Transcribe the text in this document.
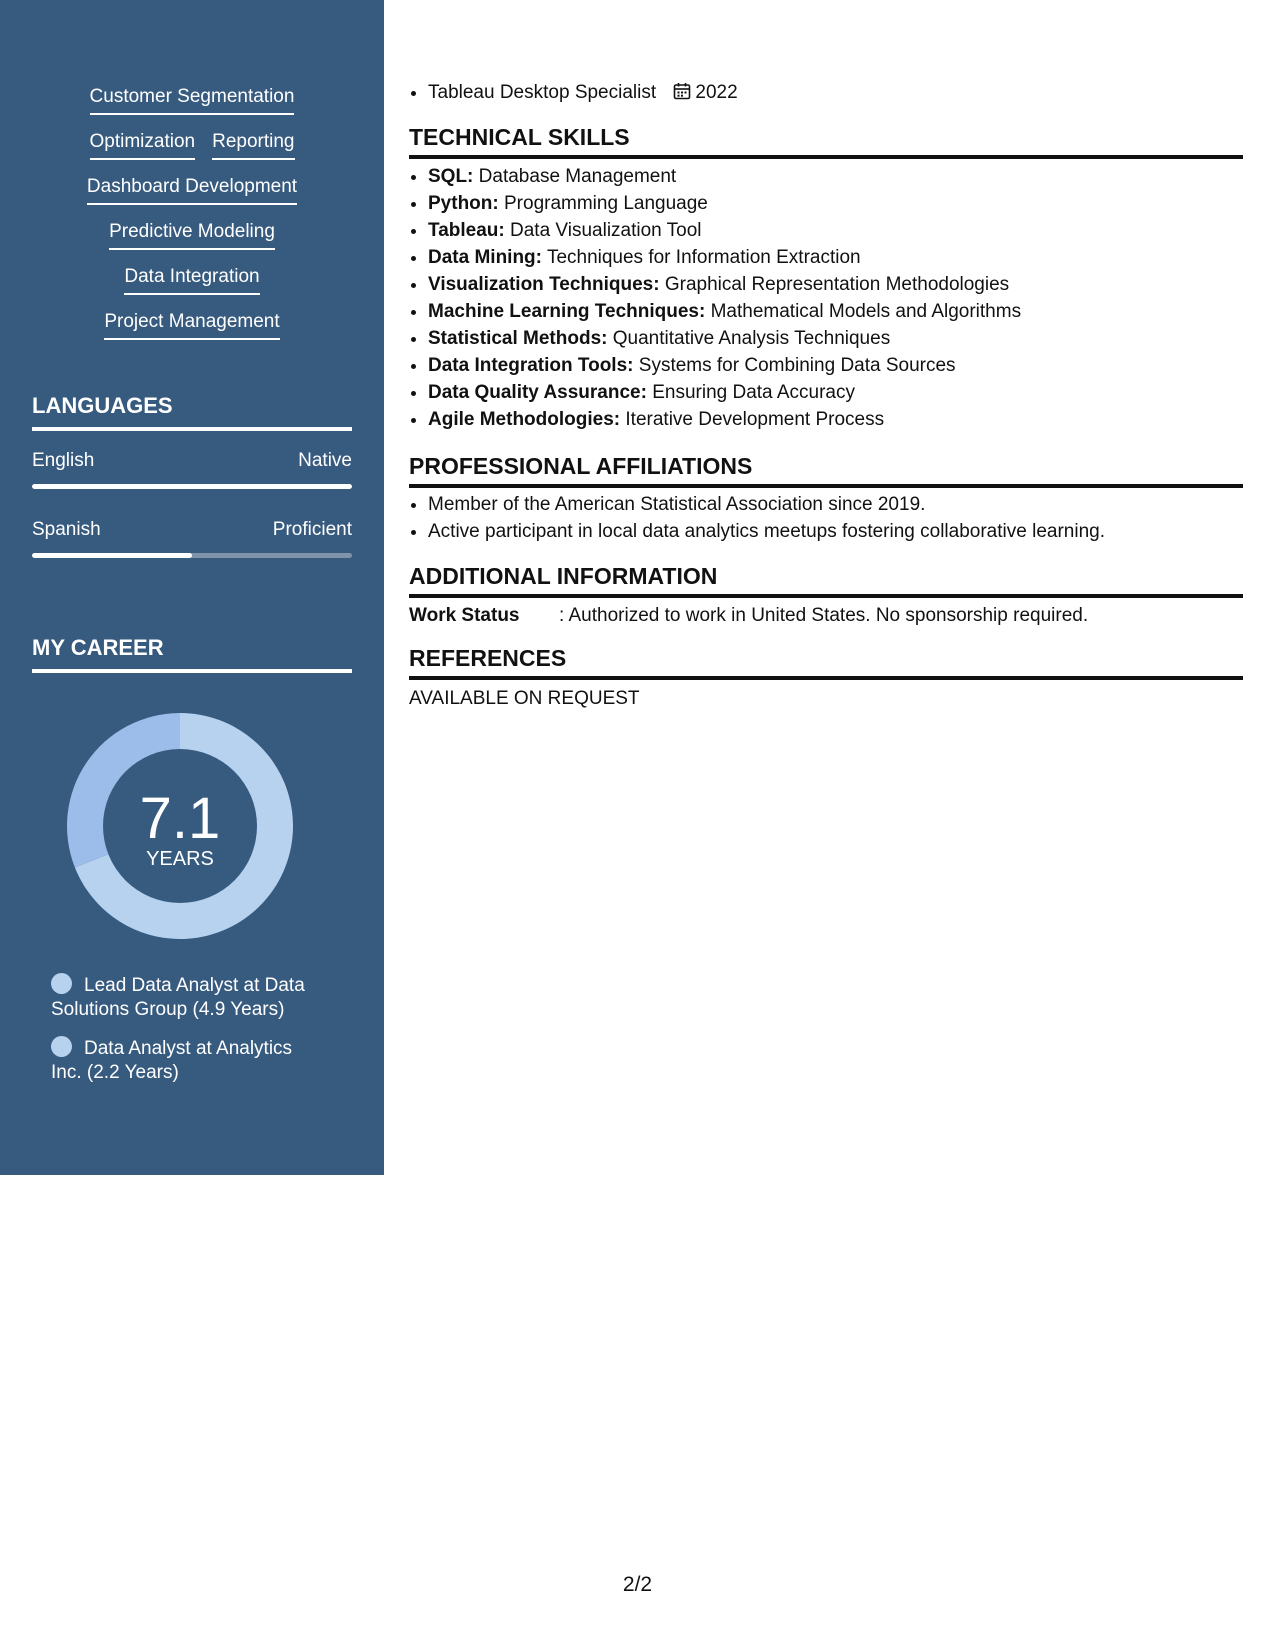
Customer Segmentation
Optimization Reporting
Dashboard Development
Predictive Modeling
Data Integration
Project Management
LANGUAGES
English	Native
Spanish	Proficient
MY CAREER
7.1
YEARS
Lead Data Analyst at Data Solutions Group (4.9 Years)
Data Analyst at Analytics Inc. (2.2 Years)
• Tableau Desktop Specialist 2022
TECHNICAL SKILLS
• SQL: Database Management
• Python: Programming Language
• Tableau: Data Visualization Tool
• Data Mining: Techniques for Information Extraction
• Visualization Techniques: Graphical Representation Methodologies
• Machine Learning Techniques: Mathematical Models and Algorithms
• Statistical Methods: Quantitative Analysis Techniques
• Data Integration Tools: Systems for Combining Data Sources
• Data Quality Assurance: Ensuring Data Accuracy
• Agile Methodologies: Iterative Development Process
PROFESSIONAL AFFILIATIONS
• Member of the American Statistical Association since 2019.
• Active participant in local data analytics meetups fostering collaborative learning.
ADDITIONAL INFORMATION
Work Status : Authorized to work in United States. No sponsorship required.
REFERENCES
AVAILABLE ON REQUEST
2/2
